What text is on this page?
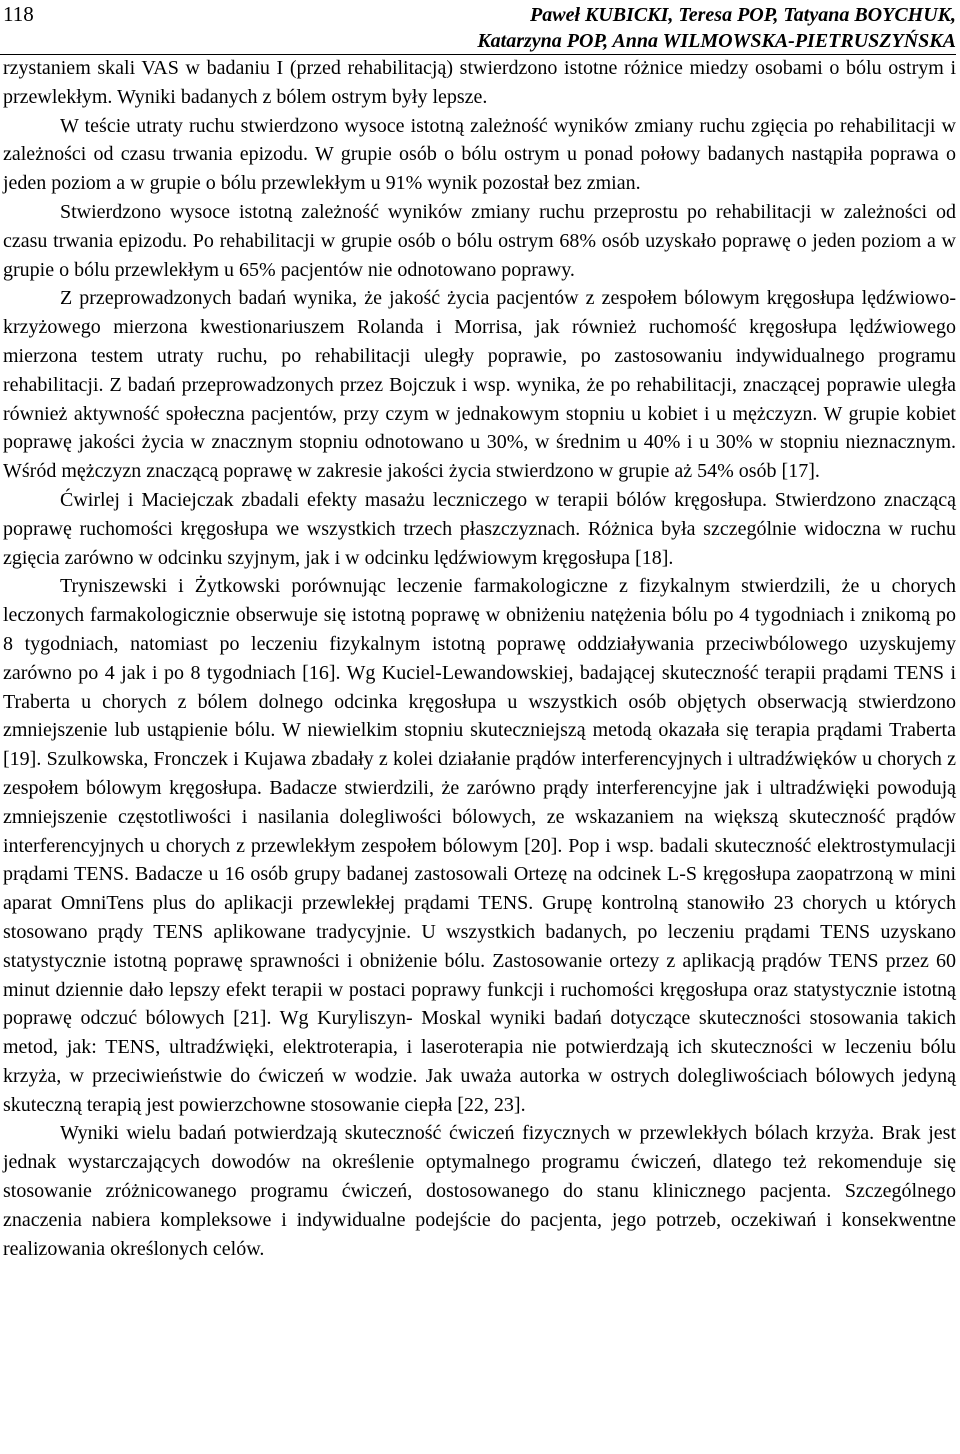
118	Paweł KUBICKI, Teresa POP, Tatyana BOYCHUK,
Katarzyna POP, Anna WILMOWSKA-PIETRUSZYŃSKA

rzystaniem skali VAS w badaniu I (przed rehabilitacją) stwierdzono istotne różnice miedzy osobami o bólu ostrym i przewlekłym. Wyniki badanych z bólem ostrym były lepsze.

W teście utraty ruchu stwierdzono wysoce istotną zależność wyników zmiany ruchu zgięcia po rehabilitacji w zależności od czasu trwania epizodu. W grupie osób o bólu ostrym u ponad połowy badanych nastąpiła poprawa o jeden poziom a w grupie o bólu przewlekłym u 91% wynik pozostał bez zmian.

Stwierdzono wysoce istotną zależność wyników zmiany ruchu przeprostu po rehabilitacji w zależności od czasu trwania epizodu. Po rehabilitacji w grupie osób o bólu ostrym 68% osób uzyskało poprawę o jeden poziom a w grupie o bólu przewlekłym u 65% pacjentów nie odnotowano poprawy.

Z przeprowadzonych badań wynika, że jakość życia pacjentów z zespołem bólowym kręgosłupa lędźwiowo- krzyżowego mierzona kwestionariuszem Rolanda i Morrisa, jak również ruchomość kręgosłupa lędźwiowego mierzona testem utraty ruchu, po rehabilitacji uległy poprawie, po zastosowaniu indywidualnego programu rehabilitacji. Z badań przeprowadzonych przez Bojczuk i wsp. wynika, że po rehabilitacji, znaczącej poprawie uległa również aktywność społeczna pacjentów, przy czym w jednakowym stopniu u kobiet i u mężczyzn. W grupie kobiet poprawę jakości życia w znacznym stopniu odnotowano u 30%, w średnim u 40% i u 30% w stopniu nieznacznym. Wśród mężczyzn znaczącą poprawę w zakresie jakości życia stwierdzono w grupie aż 54% osób [17].

Ćwirlej i Maciejczak zbadali efekty masażu leczniczego w terapii bólów kręgosłupa. Stwierdzono znaczącą poprawę ruchomości kręgosłupa we wszystkich trzech płaszczyznach. Różnica była szczególnie widoczna w ruchu zgięcia zarówno w odcinku szyjnym, jak i w odcinku lędźwiowym kręgosłupa [18].

Tryniszewski i Żytkowski porównując leczenie farmakologiczne z fizykalnym stwierdzili, że u chorych leczonych farmakologicznie obserwuje się istotną poprawę w obniżeniu natężenia bólu po 4 tygodniach i znikomą po 8 tygodniach, natomiast po leczeniu fizykalnym istotną poprawę oddziaływania przeciwbólowego uzyskujemy zarówno po 4 jak i po 8 tygodniach [16]. Wg Kuciel-Lewandowskiej, badającej skuteczność terapii prądami TENS i Traberta u chorych z bólem dolnego odcinka kręgosłupa u wszystkich osób objętych obserwacją stwierdzono zmniejszenie lub ustąpienie bólu. W niewielkim stopniu skuteczniejszą metodą okazała się terapia prądami Traberta [19]. Szulkowska, Fronczek i Kujawa zbadały z kolei działanie prądów interferencyjnych i ultradźwięków u chorych z zespołem bólowym kręgosłupa. Badacze stwierdzili, że zarówno prądy interferencyjne jak i ultradźwięki powodują zmniejszenie częstotliwości i nasilania dolegliwości bólowych, ze wskazaniem na większą skuteczność prądów interferencyjnych u chorych z przewlekłym zespołem bólowym [20]. Pop i wsp. badali skuteczność elektrostymulacji prądami TENS. Badacze u 16 osób grupy badanej zastosowali Ortezę na odcinek L-S kręgosłupa zaopatrzoną w mini aparat OmniTens plus do aplikacji przewlekłej prądami TENS. Grupę kontrolną stanowiło 23 chorych u których stosowano prądy TENS aplikowane tradycyjnie. U wszystkich badanych, po leczeniu prądami TENS uzyskano statystycznie istotną poprawę sprawności i obniżenie bólu. Zastosowanie ortezy z aplikacją prądów TENS przez 60 minut dziennie dało lepszy efekt terapii w postaci poprawy funkcji i ruchomości kręgosłupa oraz statystycznie istotną poprawę odczuć bólowych [21]. Wg Kuryliszyn- Moskal wyniki badań dotyczące skuteczności stosowania takich metod, jak: TENS, ultradźwięki, elektroterapia, i laseroterapia nie potwierdzają ich skuteczności w leczeniu bólu krzyża, w przeciwieństwie do ćwiczeń w wodzie. Jak uważa autorka w ostrych dolegliwościach bólowych jedyną skuteczną terapią jest powierzchowne stosowanie ciepła [22, 23].

Wyniki wielu badań potwierdzają skuteczność ćwiczeń fizycznych w przewlekłych bólach krzyża. Brak jest jednak wystarczających dowodów na określenie optymalnego programu ćwiczeń, dlatego też rekomenduje się stosowanie zróżnicowanego programu ćwiczeń, dostosowanego do stanu klinicznego pacjenta. Szczególnego znaczenia nabiera kompleksowe i indywidualne podejście do pacjenta, jego potrzeb, oczekiwań i konsekwentne realizowania określonych celów.
